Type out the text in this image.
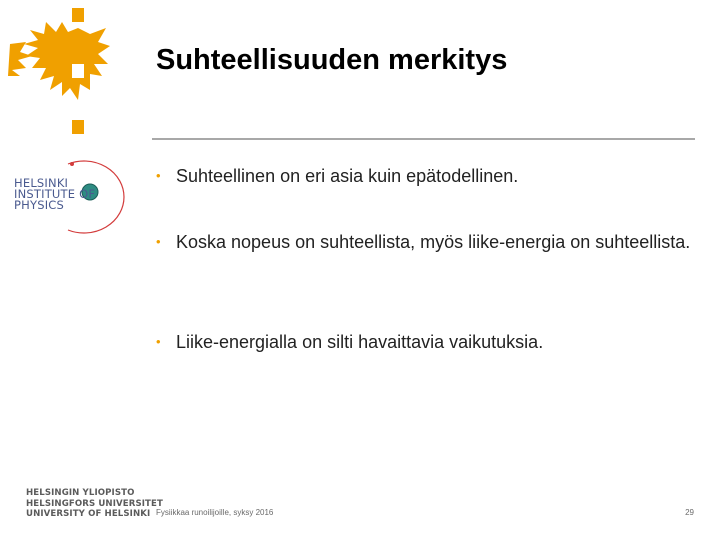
HELSINKI
INSTITUTE OF
PHYSICS
Suhteellisuuden merkitys
• Suhteellinen on eri asia kuin epätodellinen.
• Koska nopeus on suhteellista, myös liike-energia on suhteellista.
• Liike-energialla on silti havaittavia vaikutuksia.
HELSINGIN YLIOPISTO
HELSINGFORS UNIVERSITET
UNIVERSITY OF HELSINKI Fysiikkaa runoilijoille, syksy 2016	29
